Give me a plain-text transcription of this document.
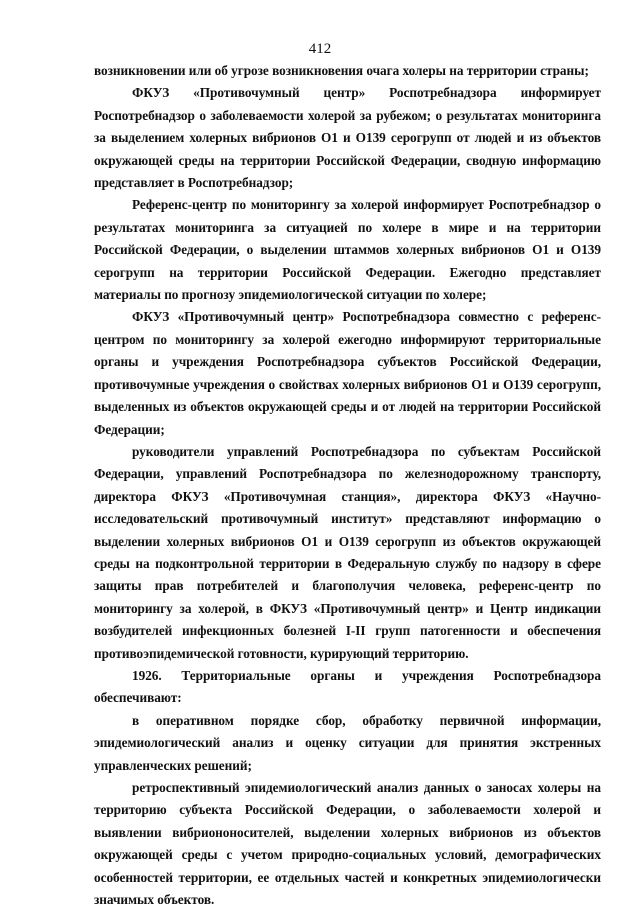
412

возникновении или об угрозе возникновения очага холеры на территории страны;

ФКУЗ «Противочумный центр» Роспотребнадзора информирует Роспотребнадзор о заболеваемости холерой за рубежом; о результатах мониторинга за выделением холерных вибрионов О1 и О139 серогрупп от людей и из объектов окружающей среды на территории Российской Федерации, сводную информацию представляет в Роспотребнадзор;

Референс-центр по мониторингу за холерой информирует Роспотребнадзор о результатах мониторинга за ситуацией по холере в мире и на территории Российской Федерации, о выделении штаммов холерных вибрионов О1 и О139 серогрупп на территории Российской Федерации. Ежегодно представляет материалы по прогнозу эпидемиологической ситуации по холере;

ФКУЗ «Противочумный центр» Роспотребнадзора совместно с референс-центром по мониторингу за холерой ежегодно информируют территориальные органы и учреждения Роспотребнадзора субъектов Российской Федерации, противочумные учреждения о свойствах холерных вибрионов О1 и О139 серогрупп, выделенных из объектов окружающей среды и от людей на территории Российской Федерации;

руководители управлений Роспотребнадзора по субъектам Российской Федерации, управлений Роспотребнадзора по железнодорожному транспорту, директора ФКУЗ «Противочумная станция», директора ФКУЗ «Научно-исследовательский противочумный институт» представляют информацию о выделении холерных вибрионов О1 и О139 серогрупп из объектов окружающей среды на подконтрольной территории в Федеральную службу по надзору в сфере защиты прав потребителей и благополучия человека, референс-центр по мониторингу за холерой, в ФКУЗ «Противочумный центр» и Центр индикации возбудителей инфекционных болезней I-II групп патогенности и обеспечения противоэпидемической готовности, курирующий территорию.

1926. Территориальные органы и учреждения Роспотребнадзора обеспечивают:

в оперативном порядке сбор, обработку первичной информации, эпидемиологический анализ и оценку ситуации для принятия экстренных управленческих решений;

ретроспективный эпидемиологический анализ данных о заносах холеры на территорию субъекта Российской Федерации, о заболеваемости холерой и выявлении вибриононосителей, выделении холерных вибрионов из объектов окружающей среды с учетом природно-социальных условий, демографических особенностей территории, ее отдельных частей и конкретных эпидемиологически значимых объектов.
